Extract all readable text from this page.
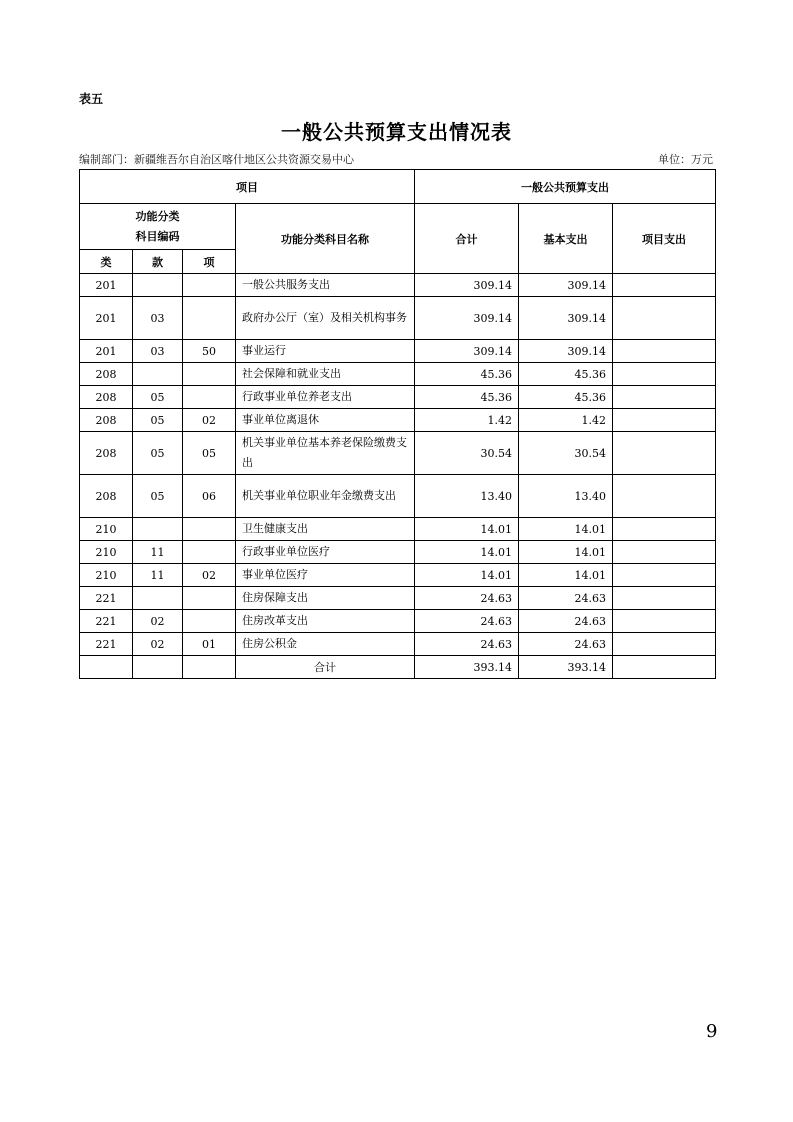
表五
一般公共预算支出情况表
编制部门：新疆维吾尔自治区喀什地区公共资源交易中心	单位：万元
项目				一般公共预算支出		

功能分类
科目编码			功能分类科目名称	合计	基本支出	项目支出
类	款	项				
201			一般公共服务支出	309.14	309.14	
201	03		政府办公厅（室）及相关机构事务	309.14	309.14	
201	03	50	事业运行	309.14	309.14	
208			社会保障和就业支出	45.36	45.36	
208	05		行政事业单位养老支出	45.36	45.36	
208	05	02	事业单位离退休	1.42	1.42	
208	05	05	机关事业单位基本养老保险缴费支出	30.54	30.54	
208	05	06	机关事业单位职业年金缴费支出	13.40	13.40	
210			卫生健康支出	14.01	14.01	
210	11		行政事业单位医疗	14.01	14.01	
210	11	02	事业单位医疗	14.01	14.01	
221			住房保障支出	24.63	24.63	
221	02		住房改革支出	24.63	24.63	
221	02	01	住房公积金	24.63	24.63	
			合计	393.14	393.14	
9
